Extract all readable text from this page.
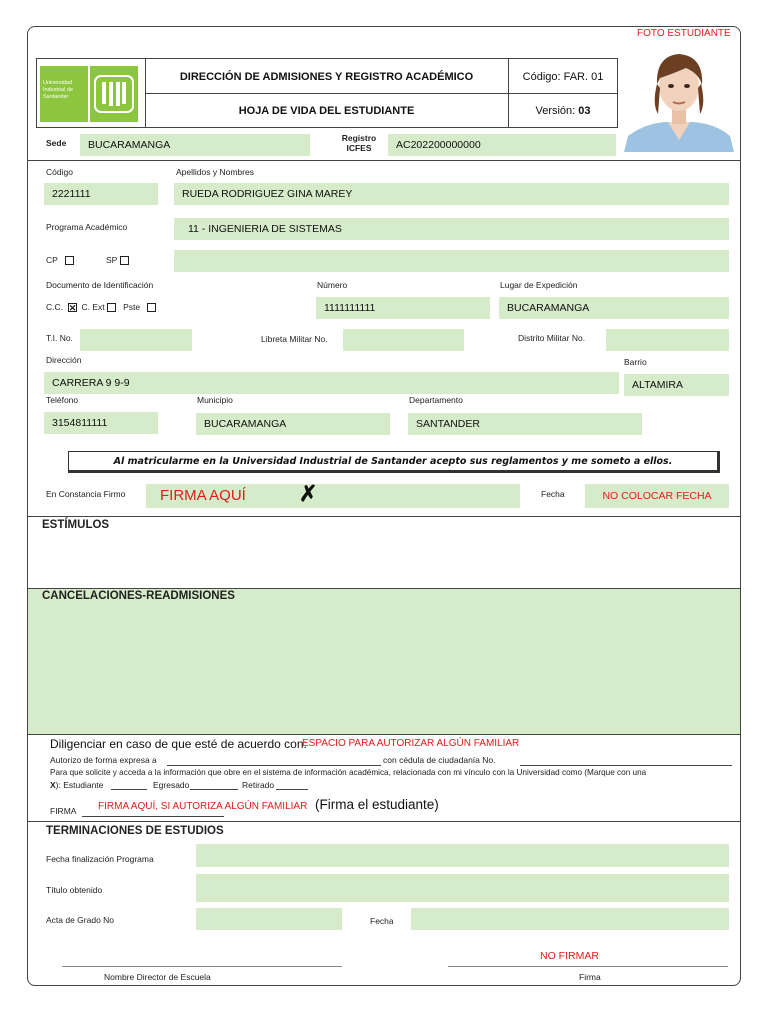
FOTO ESTUDIANTE
Universidad Industrial de Santander
DIRECCIÓN DE ADMISIONES Y REGISTRO ACADÉMICO
HOJA DE VIDA DEL ESTUDIANTE
Código: FAR. 01
Versión:
03
Sede	BUCARAMANGA
Registro
ICFES	AC202200000000
Código
2221111
Apellidos y Nombres
RUEDA RODRIGUEZ GINA MAREY
Programa Académico	11 - INGENIERIA DE SISTEMAS
CP	SP
Documento de Identificación	Número	Lugar de Expedición
C.C.  ✕ C. Ext Pste	1111111111	BUCARAMANGA
T.I. No.	Libreta Militar No.	Distrito Militar No.
Dirección	Barrio
CARRERA 9 9-9	ALTAMIRA
Teléfono	Municipio	Departamento
3154811111	BUCARAMANGA	SANTANDER
Al matricularme en la Universidad Industrial de Santander acepto sus reglamentos y me someto a ellos.
En Constancia Firmo FIRMA AQUÍ ✗	Fecha	NO COLOCAR FECHA
ESTÍMULOS
CANCELACIONES-READMISIONES
Diligenciar en caso de que esté de acuerdo con:
ESPACIO PARA AUTORIZAR ALGÚN FAMILIAR
Autorizo de forma expresa a	con cédula de ciudadanía No.
Para que solicite y acceda a la información que obre en el sistema de información académica, relacionada con mi vínculo con la Universidad como (Marque con una
X): Estudiante	Egresado	Retirado
FIRMA FIRMA AQUÍ, SI AUTORIZA ALGÚN FAMILIAR (Firma el estudiante)
TERMINACIONES DE ESTUDIOS
Fecha finalización Programa
Título obtenido
Acta de Grado No	Fecha
NO FIRMAR
Nombre Director de Escuela	Firma
